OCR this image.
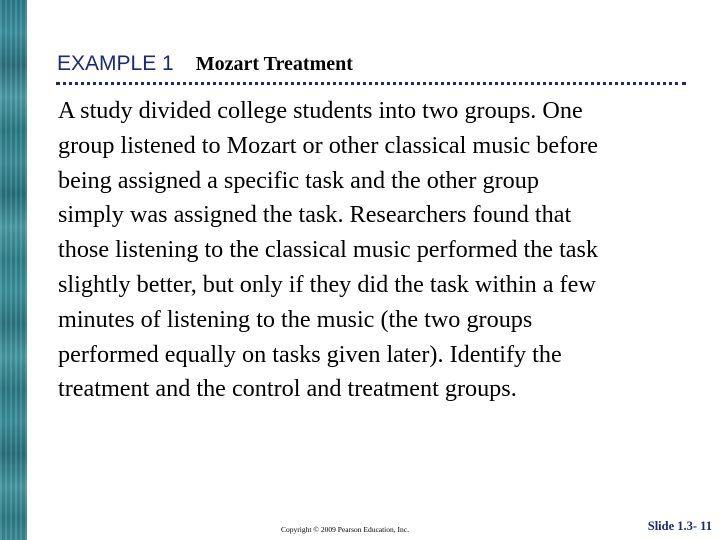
EXAMPLE 1 Mozart Treatment
A study divided college students into two groups. One
group listened to Mozart or other classical music before
being assigned a specific task and the other group
simply was assigned the task. Researchers found that
those listening to the classical music performed the task
slightly better, but only if they did the task within a few
minutes of listening to the music (the two groups
performed equally on tasks given later). Identify the
treatment and the control and treatment groups.
Copyright © 2009 Pearson Education, Inc.	Slide 1.3- 11
